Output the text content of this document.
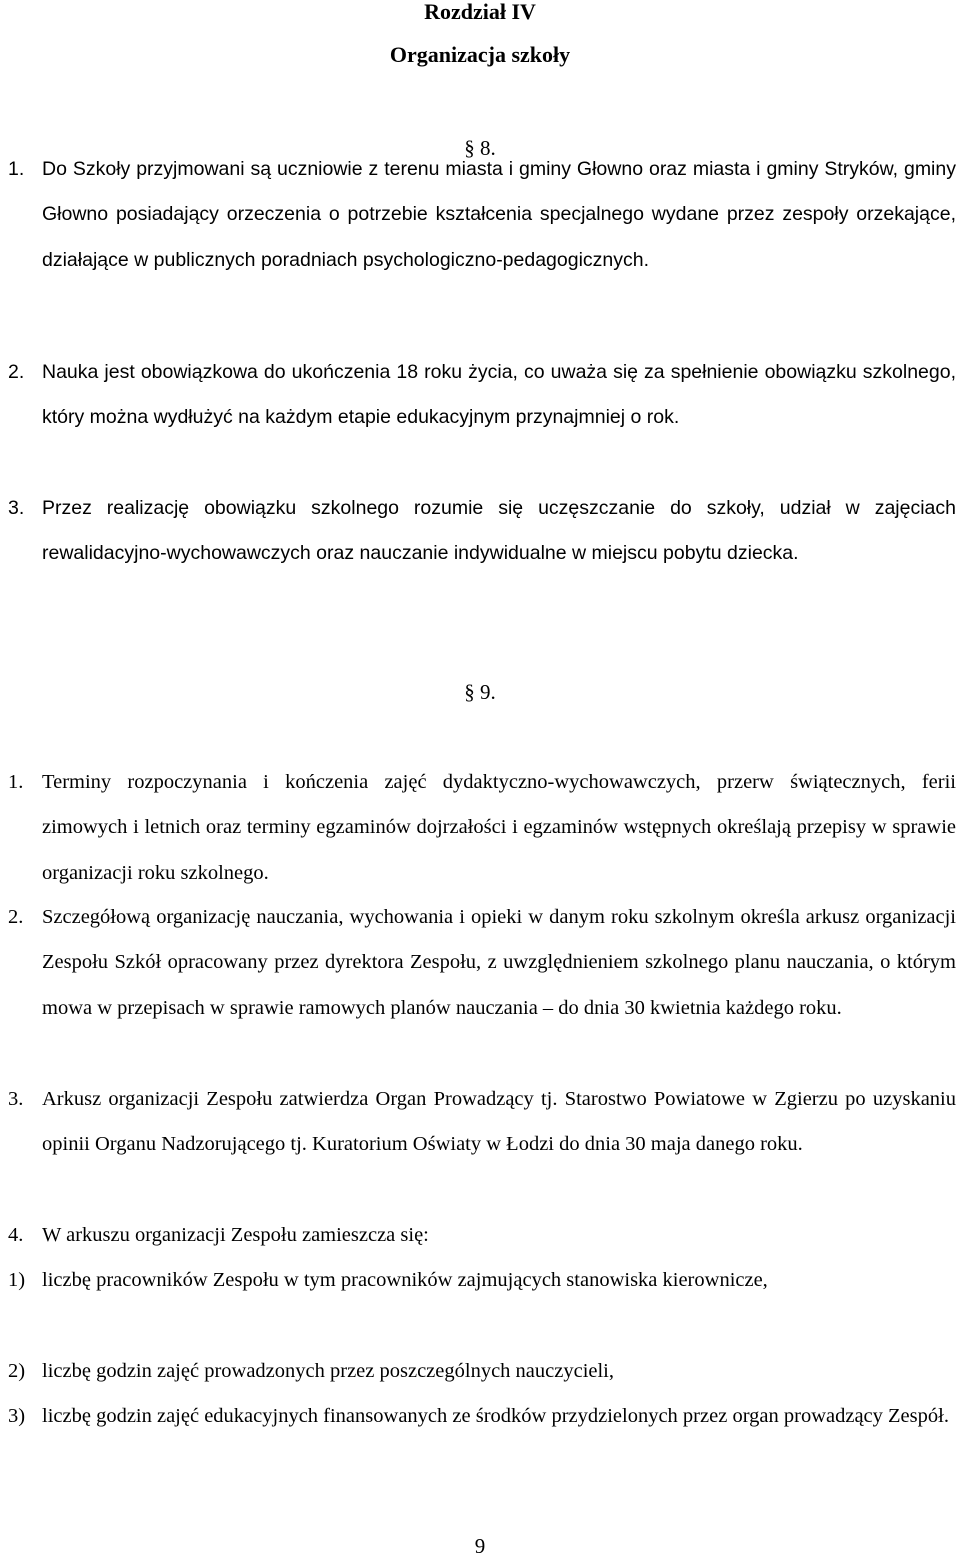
Rozdział IV
Organizacja szkoły
§ 8.
1. Do Szkoły przyjmowani są uczniowie z terenu miasta i gminy Głowno oraz miasta i gminy Stryków, gminy Głowno posiadający orzeczenia o potrzebie kształcenia specjalnego wydane przez zespoły orzekające, działające w publicznych poradniach psychologiczno-pedagogicznych.
2. Nauka jest obowiązkowa do ukończenia 18 roku życia, co uważa się za spełnienie obowiązku szkolnego, który można wydłużyć na każdym etapie edukacyjnym przynajmniej o rok.
3. Przez realizację obowiązku szkolnego rozumie się uczęszczanie do szkoły, udział w zajęciach rewalidacyjno-wychowawczych oraz nauczanie indywidualne w miejscu pobytu dziecka.
§ 9.
1. Terminy rozpoczynania i kończenia zajęć dydaktyczno-wychowawczych, przerw świątecznych, ferii zimowych i letnich oraz terminy egzaminów dojrzałości i egzaminów wstępnych określają przepisy w sprawie organizacji roku szkolnego.
2. Szczegółową organizację nauczania, wychowania i opieki w danym roku szkolnym określa arkusz organizacji Zespołu Szkół opracowany przez dyrektora Zespołu, z uwzględnieniem szkolnego planu nauczania, o którym mowa w przepisach w sprawie ramowych planów nauczania – do dnia 30 kwietnia każdego roku.
3. Arkusz organizacji Zespołu zatwierdza Organ Prowadzący tj. Starostwo Powiatowe w Zgierzu po uzyskaniu opinii Organu Nadzorującego tj. Kuratorium Oświaty w Łodzi do dnia 30 maja danego roku.
4. W arkuszu organizacji Zespołu zamieszcza się:
1) liczbę pracowników Zespołu w tym pracowników zajmujących stanowiska kierownicze,
2) liczbę godzin zajęć prowadzonych przez poszczególnych nauczycieli,
3) liczbę godzin zajęć edukacyjnych finansowanych ze środków przydzielonych przez organ prowadzący Zespół.
9
